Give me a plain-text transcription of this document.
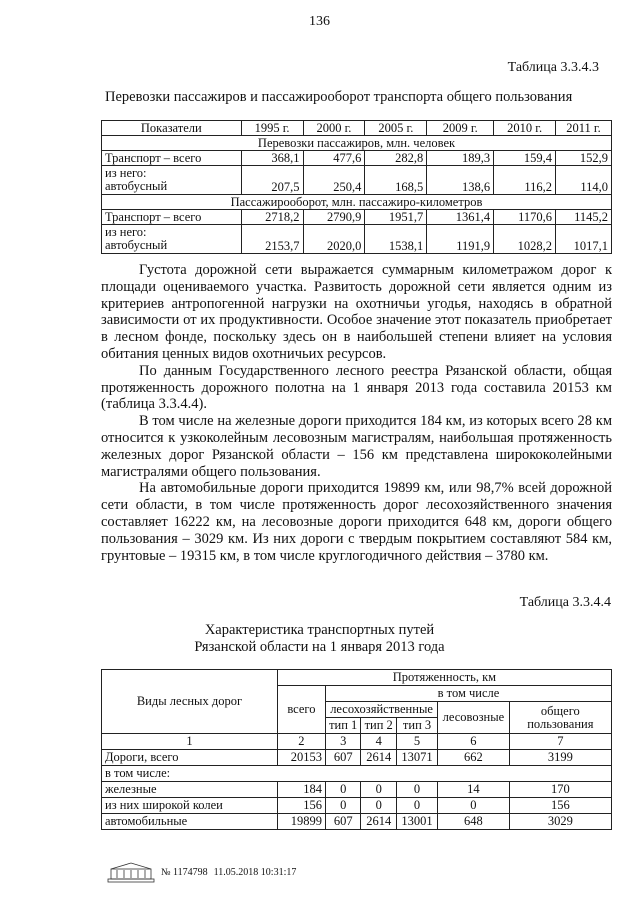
136
Таблица 3.3.4.3
Перевозки пассажиров и пассажирооборот транспорта общего пользования
Показатели	1995 г.	2000 г.	2005 г.	2009 г.	2010 г.	2011 г.
Перевозки пассажиров, млн. человек						
Транспорт – всего	368,1	477,6	282,8	189,3	159,4	152,9
из него:
автобусный	207,5	250,4	168,5	138,6	116,2	114,0
Пассажирооборот, млн. пассажиро-километров						
Транспорт – всего	2718,2	2790,9	1951,7	1361,4	1170,6	1145,2
из него:
автобусный	2153,7	2020,0	1538,1	1191,9	1028,2	1017,1

Густота дорожной сети выражается суммарным километражом дорог к площади оцениваемого участка. Развитость дорожной сети является одним из критериев антропогенной нагрузки на охотничьи угодья, находясь в обратной зависимости от их продуктивности. Особое значение этот показатель приобретает в лесном фонде, поскольку здесь он в наибольшей степени влияет на условия обитания ценных видов охотничьих ресурсов.

По данным Государственного лесного реестра Рязанской области, общая протяженность дорожного полотна на 1 января 2013 года составила 20153 км (таблица 3.3.4.4).

В том числе на железные дороги приходится 184 км, из которых всего 28 км относится к узкоколейным лесовозным магистралям, наибольшая протяженность железных дорог Рязанской области – 156 км представлена ширококолейными магистралями общего пользования.

На автомобильные дороги приходится 19899 км, или 98,7% всей дорожной сети области, в том числе протяженность дорог лесохозяйственного значения составляет 16222 км, на лесовозные дороги приходится 648 км, дороги общего пользования – 3029 км. Из них дороги с твердым покрытием составляют 584 км, грунтовые – 19315 км, в том числе круглогодичного действия – 3780 км.

Таблица 3.3.4.4
Характеристика транспортных путей
Рязанской области на 1 января 2013 года
Виды лесных дорог	Протяженность, км					
	всего	в том числе				
		лесохозяйственные			лесовозные	общего пользования
		тип 1	тип 2	тип 3		
1	2	3	4	5	6	7
Дороги, всего	20153	607	2614	13071	662	3199
в том числе:						
железные	184	0	0	0	14	170
из них широкой колеи	156	0	0	0	0	156
автомобильные	19899	607	2614	13001	648	3029
№ 1174798 11.05.2018 10:31:17
